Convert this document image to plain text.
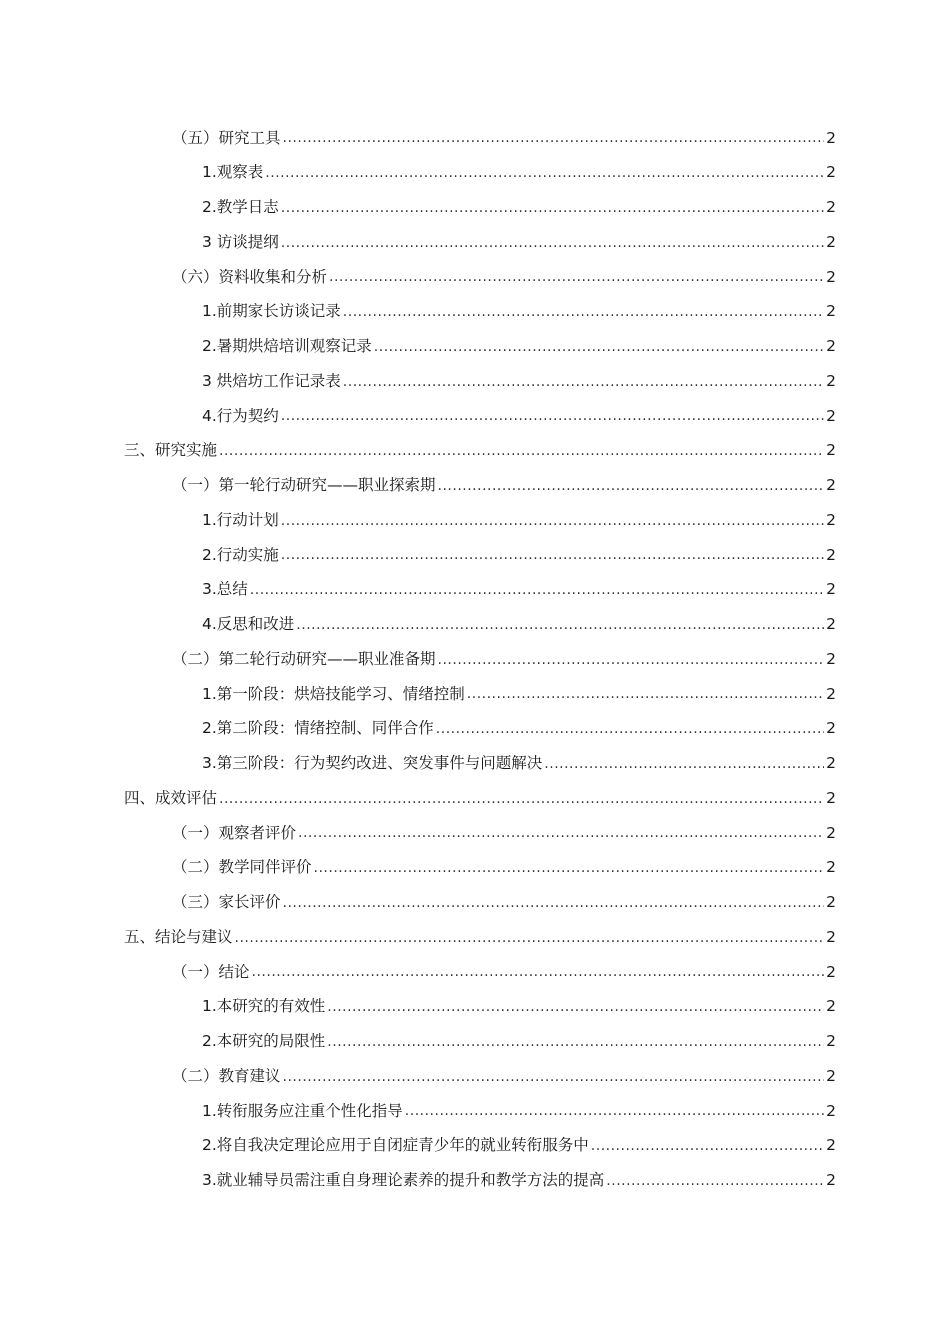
（五）研究工具 .....	2
1.观察表 .....	2
2.教学日志 .....	2
3 访谈提纲 .....	2
（六）资料收集和分析 .....	2
1.前期家长访谈记录 .....	2
2.暑期烘焙培训观察记录 .....	2
3 烘焙坊工作记录表 .....	2
4.行为契约 .....	2
三、研究实施 .....	2
（一）第一轮行动研究——职业探索期 .....	2
1.行动计划 .....	2
2.行动实施 .....	2
3.总结 .....	2
4.反思和改进 .....	2
（二）第二轮行动研究——职业准备期 .....	2
1.第一阶段：烘焙技能学习、情绪控制 .....	2
2.第二阶段：情绪控制、同伴合作 .....	2
3.第三阶段：行为契约改进、突发事件与问题解决 .....	2
四、成效评估 .....	2
（一）观察者评价 .....	2
（二）教学同伴评价 .....	2
（三）家长评价 .....	2
五、结论与建议 .....	2
（一）结论 .....	2
1.本研究的有效性 .....	2
2.本研究的局限性 .....	2
（二）教育建议 .....	2
1.转衔服务应注重个性化指导 .....	2
2.将自我决定理论应用于自闭症青少年的就业转衔服务中 .....	2
3.就业辅导员需注重自身理论素养的提升和教学方法的提高 .....	2
